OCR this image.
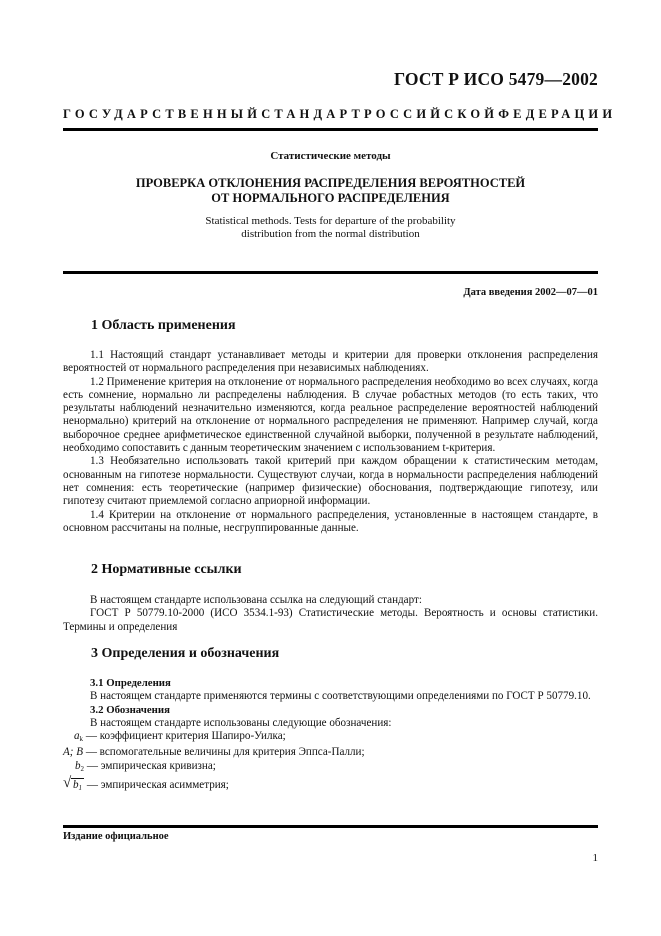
ГОСТ Р ИСО 5479—2002
ГОСУДАРСТВЕННЫЙ СТАНДАРТ РОССИЙСКОЙ ФЕДЕРАЦИИ
Статистические методы
ПРОВЕРКА ОТКЛОНЕНИЯ РАСПРЕДЕЛЕНИЯ ВЕРОЯТНОСТЕЙ
ОТ НОРМАЛЬНОГО РАСПРЕДЕЛЕНИЯ
Statistical methods. Tests for departure of the probability
distribution from the normal distribution
Дата введения 2002—07—01
1 Область применения

1.1 Настоящий стандарт устанавливает методы и критерии для проверки отклонения распределения вероятностей от нормального распределения при независимых наблюдениях.

1.2 Применение критерия на отклонение от нормального распределения необходимо во всех случаях, когда есть сомнение, нормально ли распределены наблюдения. В случае робастных методов (то есть таких, что результаты наблюдений незначительно изменяются, когда реальное распределение вероятностей наблюдений ненормально) критерий на отклонение от нормального распределения не применяют. Например случай, когда выборочное среднее арифметическое единственной случайной выборки, полученной в результате наблюдений, необходимо сопоставить с данным теоретическим значением с использованием t-критерия.

1.3 Необязательно использовать такой критерий при каждом обращении к статистическим методам, основанным на гипотезе нормальности. Существуют случаи, когда в нормальности распределения наблюдений нет сомнения: есть теоретические (например физические) обоснования, подтверждающие гипотезу, или гипотезу считают приемлемой согласно априорной информации.

1.4 Критерии на отклонение от нормального распределения, установленные в настоящем стандарте, в основном рассчитаны на полные, несгруппированные данные.

2 Нормативные ссылки

В настоящем стандарте использована ссылка на следующий стандарт:

ГОСТ Р 50779.10-2000 (ИСО 3534.1-93) Статистические методы. Вероятность и основы статистики. Термины и определения

3 Определения и обозначения

3.1 Определения

В настоящем стандарте применяются термины с соответствующими определениями по ГОСТ Р 50779.10.

3.2 Обозначения

В настоящем стандарте использованы следующие обозначения:

$a_k$ — коэффициент критерия Шапиро-Уилка;
A; B — вспомогательные величины для критерия Эппса-Палли;
$b_2$ — эмпирическая кривизна;
√ $b_1$ — эмпирическая асимметрия;
Издание официальное
1
